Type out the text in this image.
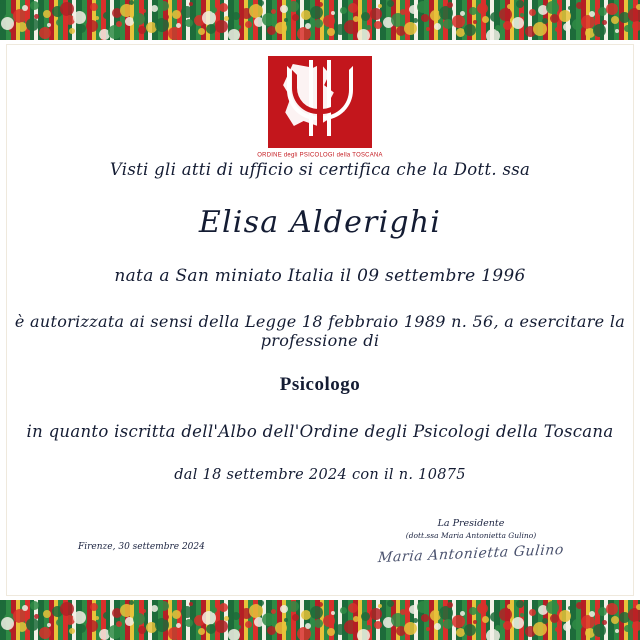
ORDINE degli PSICOLOGI della TOSCANA
Visti gli atti di ufficio si certifica che la Dott. ssa
Elisa Alderighi
nata a San miniato Italia il 09 settembre 1996
è autorizzata ai sensi della Legge 18 febbraio 1989 n. 56, a esercitare la professione di
Psicologo
in quanto iscritta dell'Albo dell'Ordine degli Psicologi della Toscana
dal 18 settembre 2024 con il n. 10875
Firenze, 30 settembre 2024
La Presidente
(dott.ssa Maria Antonietta Gulino)
Maria Antonietta Gulino
